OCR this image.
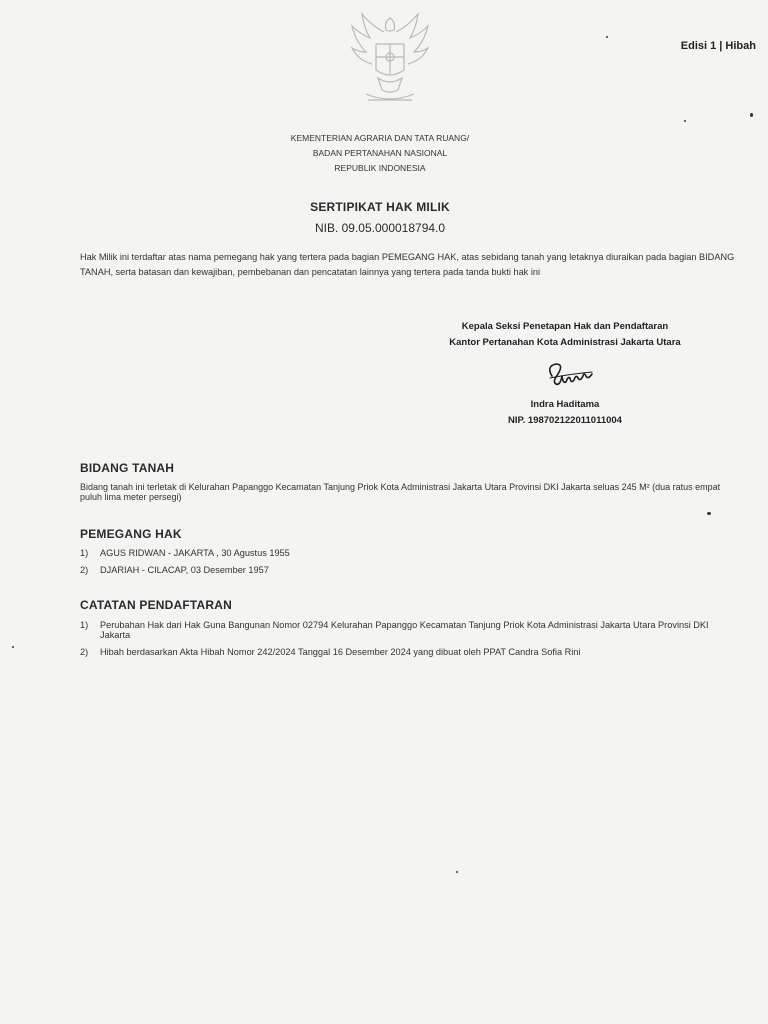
Edisi 1 | Hibah
KEMENTERIAN AGRARIA DAN TATA RUANG/
BADAN PERTANAHAN NASIONAL
REPUBLIK INDONESIA
SERTIPIKAT HAK MILIK
NIB. 09.05.000018794.0
Hak Milik ini terdaftar atas nama pemegang hak yang tertera pada bagian PEMEGANG HAK, atas sebidang tanah yang letaknya diuraikan pada bagian BIDANG TANAH, serta batasan dan kewajiban, pembebanan dan pencatatan lainnya yang tertera pada tanda bukti hak ini
Kepala Seksi Penetapan Hak dan Pendaftaran
Kantor Pertanahan Kota Administrasi Jakarta Utara
Indra Haditama
NIP. 198702122011011004
BIDANG TANAH
Bidang tanah ini terletak di Kelurahan Papanggo Kecamatan Tanjung Priok Kota Administrasi Jakarta Utara Provinsi DKI Jakarta seluas 245 M² (dua ratus empat puluh lima meter persegi)
PEMEGANG HAK
1)	AGUS RIDWAN - JAKARTA , 30 Agustus 1955
2)	DJARIAH - CILACAP, 03 Desember 1957
CATATAN PENDAFTARAN
1)	Perubahan Hak dari Hak Guna Bangunan Nomor 02794 Kelurahan Papanggo Kecamatan Tanjung Priok Kota Administrasi Jakarta Utara Provinsi DKI Jakarta
2)	Hibah berdasarkan Akta Hibah Nomor 242/2024 Tanggal 16 Desember 2024 yang dibuat oleh PPAT Candra Sofia Rini
